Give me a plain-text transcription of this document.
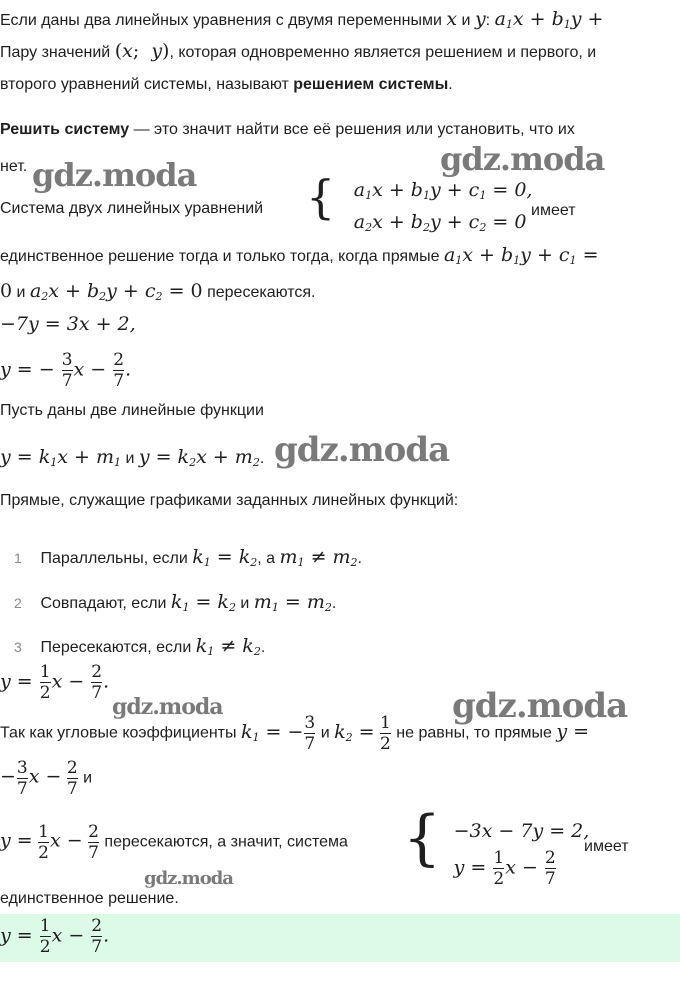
Если даны два линейных уравнения с двумя переменными x и y: $a_1x + b_1y$ +
Пару значений (x;  y), которая одновременно является решением и первого, и
второго уравнений системы, называют решением системы.
Решить систему — это значит найти все её решения или установить, что их
нет. gdz.moda	gdz.moda
Система двух линейных уравнений { $a_1x + b_1y + c_1 = 0$,
$a_2x + b_2y + c_2 = 0$
имеет
единственное решение тогда и только тогда, когда прямые $a_1x + b_1y + c_1$ =
0 и $a_2x + b_2y + c_2 = 0$ пересекаются.
−7y = 3x + 2,
y = − $\frac{3}{7}$ $x - \frac{2}{7}$ .
Пусть даны две линейные функции
$y = k_1x + m_1$ и $y = k_2x + m_2$. gdz.moda
Прямые, служащие графиками заданных линейных функций:
1 Параллельны, если $k_1 = k_2$, а $m_1 \ne m_2$.
2 Совпадают, если $k_1 = k_2$ и $m_1 = m_2$.
3 Пересекаются, если $k_1 \ne k_2$.
$y = \frac{1}{2}$ $x - \frac{2}{7}$ .
gdz.moda	gdz.moda
Так как угловые коэффициенты $k_1$ = − $\frac{3}{7}$ и $k_2 = \frac{1}{2}$ не равны, то прямые y =
− $\frac{3}{7}$ $x - \frac{2}{7}$ и
$y = \frac{1}{2}$ $x - \frac{2}{7}$ пересекаются, а значит, система { −3x − 7y = 2,
$y = \frac{1}{2}$ $x - \frac{2}{7}$
имеет
gdz.moda
единственное решение.
$y = \frac{1}{2}$ $x - \frac{2}{7}$ .
